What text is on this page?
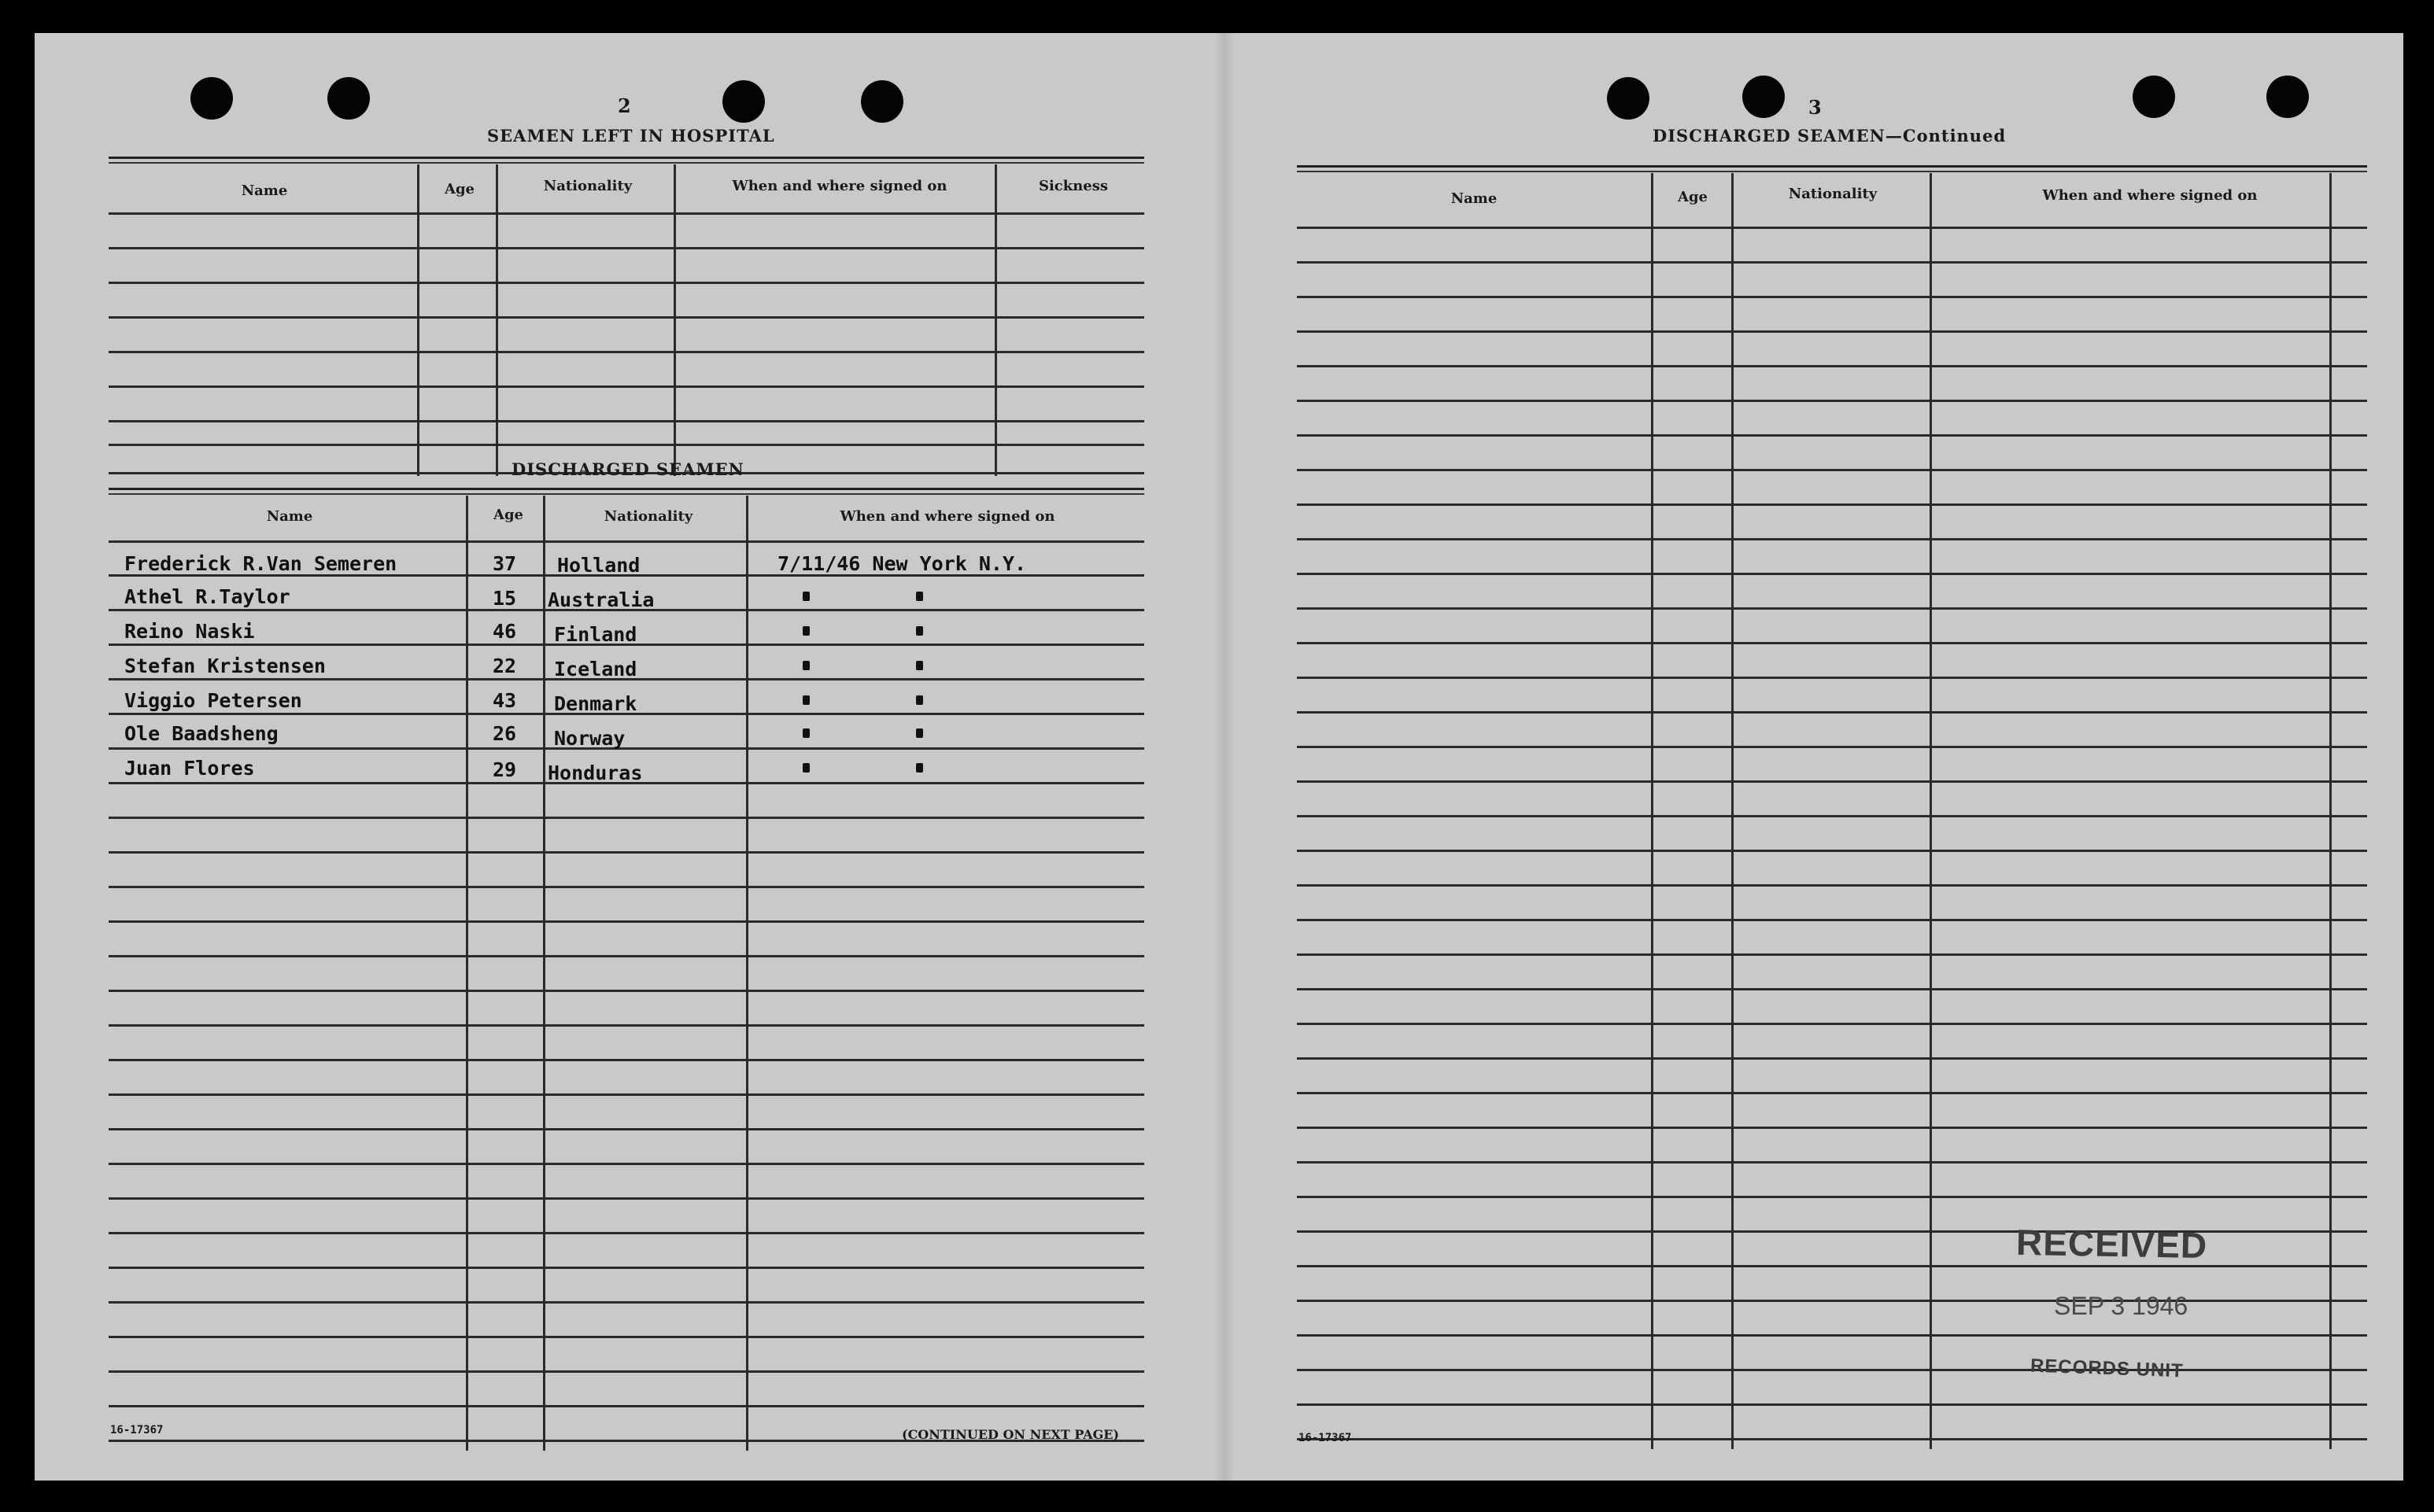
2
SEAMEN LEFT IN HOSPITAL
Name	Age	Nationality	When and where signed on	Sickness
DISCHARGED SEAMEN
Name	Age	Nationality	When and where signed on
Frederick R.Van Semeren	37 Holland	7/11/46 New York N.Y.
Athel R.Taylor	15 Australia
Reino Naski	46 Finland
Stefan Kristensen	22 Iceland
Viggio Petersen	43 Denmark
Ole Baadsheng	26 Norway
Juan Flores	29 Honduras
16-17367	(CONTINUED ON NEXT PAGE)
3
DISCHARGED SEAMEN—Continued
Name	Age	Nationality	When and where signed on
16-17367
RECEIVED
SEP 3 1946
RECORDS UNIT
